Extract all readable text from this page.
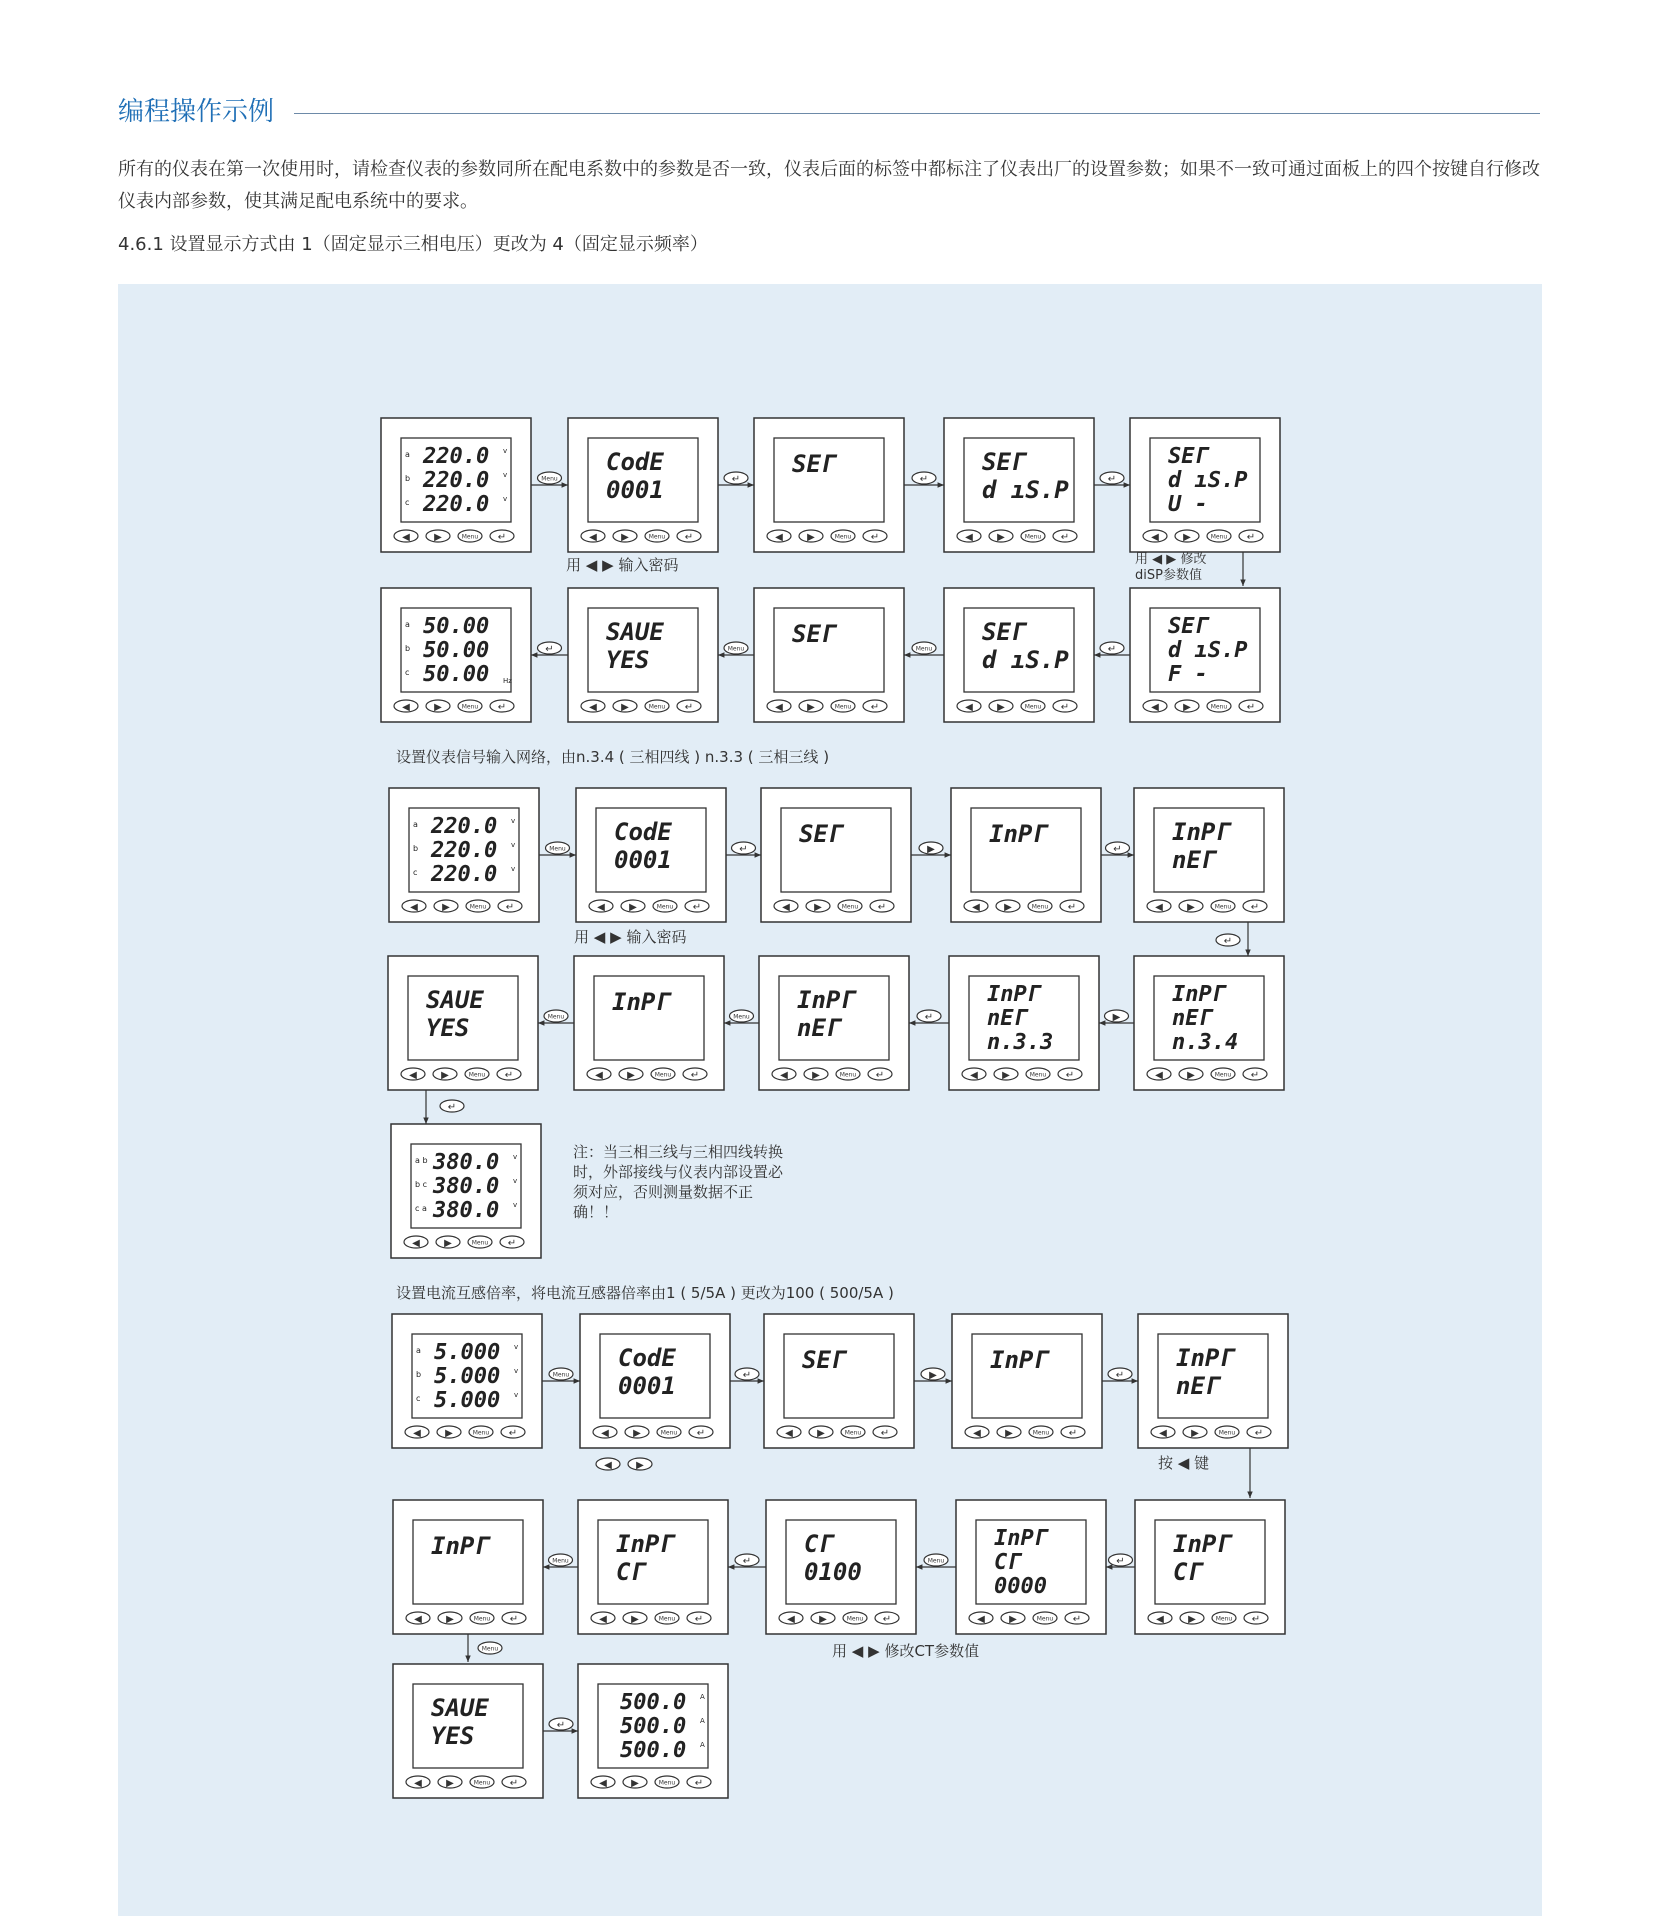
编程操作示例
所有的仪表在第一次使用时，请检查仪表的参数同所在配电系数中的参数是否一致，仪表后面的标签中都标注了仪表出厂的设置参数；如果不一致可通过面板上的四个按键自行修改仪表内部参数，使其满足配电系统中的要求。
4.6.1 设置显示方式由 1（固定显示三相电压）更改为 4（固定显示频率）
220.0
a	v
220.0
b	v
220.0
c	v
◀ ▶	Menu ↵
CodE
0001
◀ ▶	Menu ↵
SEГ
◀ ▶	Menu ↵
SEГ
d ıS.P
◀ ▶	Menu ↵
SEГ
d ıS.P
U -
◀ ▶	Menu ↵
Menu	↵	↵	↵
50.00
a
50.00
b
50.00
c
Hz
◀ ▶	Menu ↵
SAUE
YES
◀ ▶	Menu ↵
SEГ
◀ ▶	Menu ↵
SEГ
d ıS.P
◀ ▶	Menu ↵
SEГ
d ıS.P
F -
◀ ▶	Menu ↵
↵	Menu	Menu	↵
220.0
a	v
220.0
b	v
220.0
c	v
◀ ▶	Menu ↵
CodE
0001
◀ ▶	Menu ↵
SEГ
◀ ▶	Menu ↵
InPГ
◀ ▶	Menu ↵
InPГ
nEГ
◀ ▶	Menu ↵
Menu	↵	▶	↵
↵
SAUE
YES
◀ ▶	Menu ↵
InPГ
◀ ▶	Menu ↵
InPГ
nEГ
◀ ▶	Menu ↵
InPГ
nEГ
n.3.3
◀ ▶	Menu ↵
InPГ
nEГ
n.3.4
◀ ▶	Menu ↵
Menu	Menu	↵	▶
↵
380.0
a b	v
380.0
b c	v
380.0
c a	v
◀ ▶	Menu ↵
5.000
a	v
5.000
b	v
5.000
c	v
◀ ▶	Menu ↵
CodE
0001
◀ ▶	Menu ↵
SEГ
◀ ▶	Menu ↵
InPГ
◀ ▶	Menu ↵
InPГ
nEГ
◀ ▶	Menu ↵
Menu	↵	▶	↵
◀ ▶
InPГ
◀ ▶	Menu ↵
InPГ
CГ
◀ ▶	Menu ↵
CГ
0100
◀ ▶	Menu ↵
InPГ
CГ
0000
◀ ▶	Menu ↵
InPГ
CГ
◀ ▶	Menu ↵
Menu	↵	Menu	↵
Menu
SAUE
YES
◀ ▶	Menu ↵
500.0 A
500.0 A
500.0 A
◀ ▶	Menu ↵
↵
用 ◀ ▶ 输入密码	用 ◀ ▶ 修改
diSP参数值
设置仪表信号输入网络，由n.3.4 ( 三相四线 ) n.3.3 ( 三相三线 )
用 ◀ ▶ 输入密码
注：当三相三线与三相四线转换时，外部接线与仪表内部设置必须对应，否则测量数据不正确！！
设置电流互感倍率，将电流互感器倍率由1 ( 5/5A ) 更改为100 ( 500/5A )
按 ◀ 键
用 ◀ ▶ 修改CT参数值
